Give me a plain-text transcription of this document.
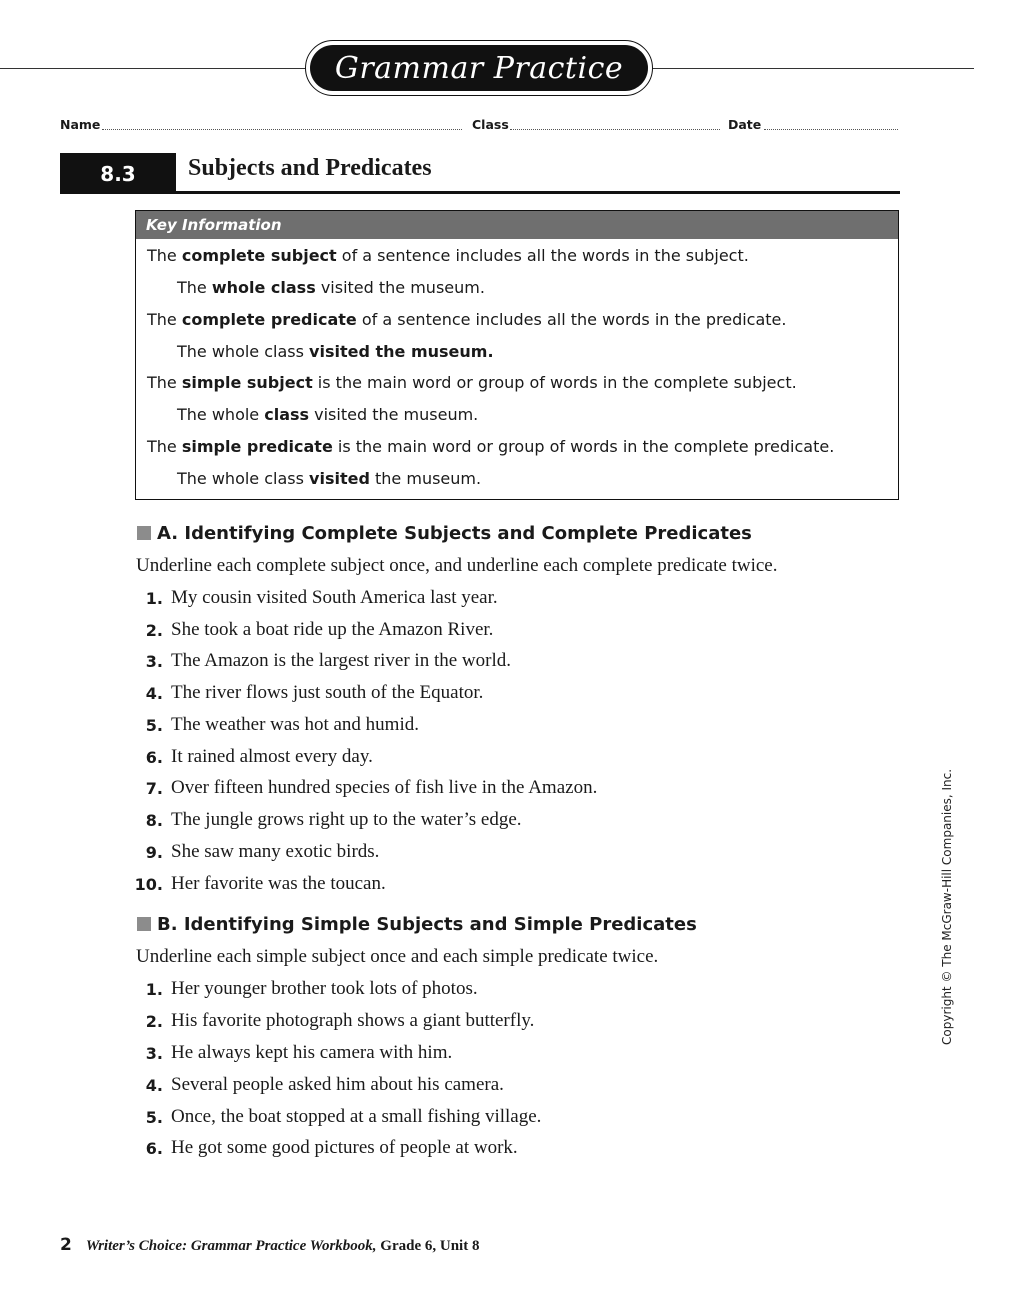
Grammar Practice
Name	Class	Date
8.3	Subjects and Predicates
Key Information
The complete subject of a sentence includes all the words in the subject.
The whole class visited the museum.
The complete predicate of a sentence includes all the words in the predicate.
The whole class visited the museum.
The simple subject is the main word or group of words in the complete subject.
The whole class visited the museum.
The simple predicate is the main word or group of words in the complete predicate.
The whole class visited the museum.
A. Identifying Complete Subjects and Complete Predicates
Underline each complete subject once, and underline each complete predicate twice.
1. My cousin visited South America last year.
2. She took a boat ride up the Amazon River.
3. The Amazon is the largest river in the world.
4. The river flows just south of the Equator.
5. The weather was hot and humid.
6. It rained almost every day.
7. Over fifteen hundred species of fish live in the Amazon.
8. The jungle grows right up to the water’s edge.
9. She saw many exotic birds.
10. Her favorite was the toucan.
B. Identifying Simple Subjects and Simple Predicates
Underline each simple subject once and each simple predicate twice.
1. Her younger brother took lots of photos.
2. His favorite photograph shows a giant butterfly.
3. He always kept his camera with him.
4. Several people asked him about his camera.
5. Once, the boat stopped at a small fishing village.
6. He got some good pictures of people at work.
Copyright © The McGraw-Hill Companies, Inc.
2 Writer’s Choice: Grammar Practice Workbook, Grade 6, Unit 8
